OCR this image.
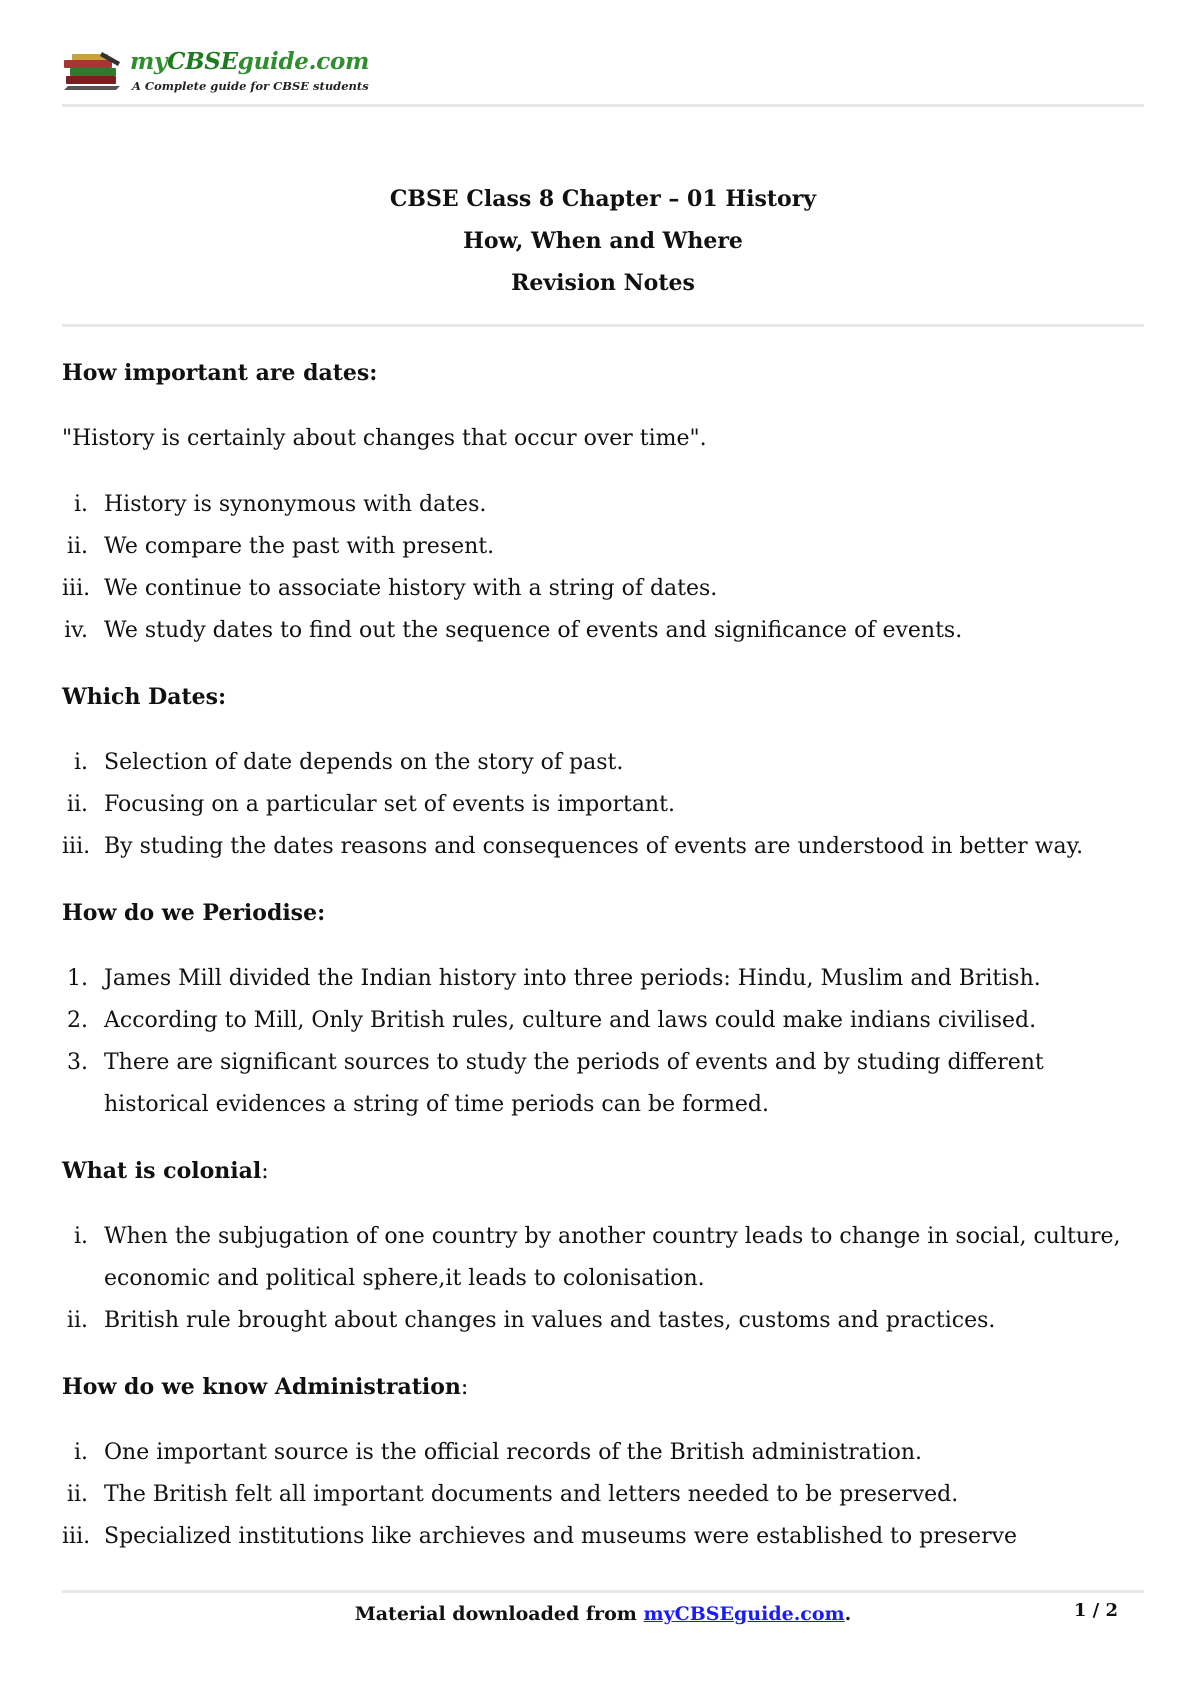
myCBSEguide.com
A Complete guide for CBSE students
CBSE Class 8 Chapter – 01 History
How, When and Where
Revision Notes
How important are dates:
"History is certainly about changes that occur over time".
i. History is synonymous with dates.
ii. We compare the past with present.
iii. We continue to associate history with a string of dates.
iv. We study dates to find out the sequence of events and significance of events.
Which Dates:
i. Selection of date depends on the story of past.
ii. Focusing on a particular set of events is important.
iii. By studing the dates reasons and consequences of events are understood in better way.
How do we Periodise:
1. James Mill divided the Indian history into three periods: Hindu, Muslim and British.
2. According to Mill, Only British rules, culture and laws could make indians civilised.
3. There are significant sources to study the periods of events and by studing different historical evidences a string of time periods can be formed.
What is colonial:
i. When the subjugation of one country by another country leads to change in social, culture, economic and political sphere,it leads to colonisation.
ii. British rule brought about changes in values and tastes, customs and practices.
How do we know Administration:
i. One important source is the official records of the British administration.
ii. The British felt all important documents and letters needed to be preserved.
iii. Specialized institutions like archieves and museums were established to preserve
Material downloaded from myCBSEguide.com.	1 / 2
